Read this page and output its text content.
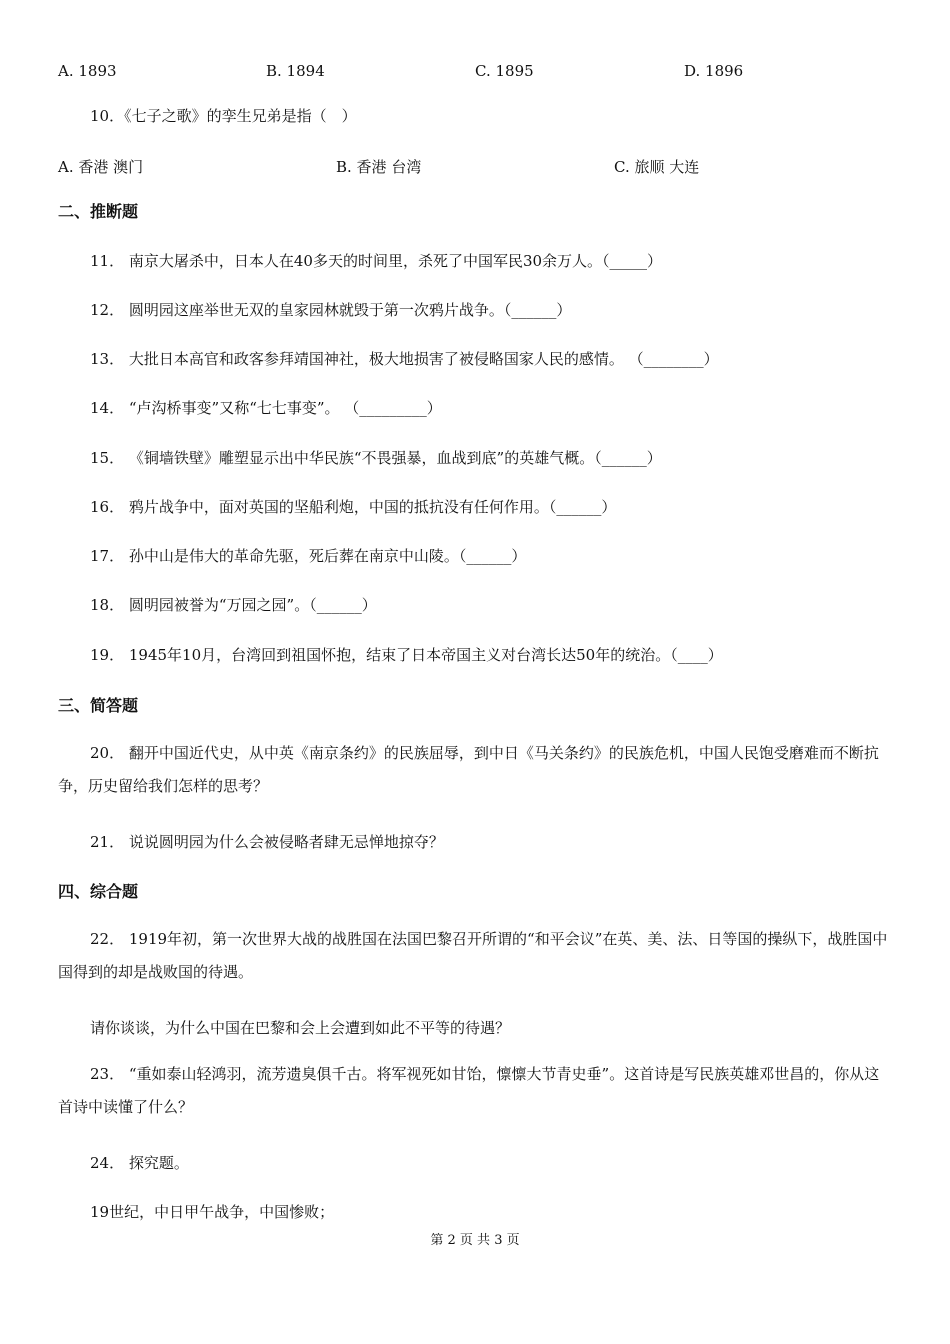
A. 1893	B. 1894	C. 1895	D. 1896
10．《七子之歌》的孪生兄弟是指（　）
A. 香港 澳门	B. 香港 台湾	C. 旅顺 大连
二、推断题
11． 南京大屠杀中，日本人在40多天的时间里，杀死了中国军民30余万人。（_____）
12． 圆明园这座举世无双的皇家园林就毁于第一次鸦片战争。（______）
13． 大批日本高官和政客参拜靖国神社，极大地损害了被侵略国家人民的感情。 （________）
14． “卢沟桥事变”又称“七七事变”。 （_________）
15． 《铜墙铁壁》雕塑显示出中华民族“不畏强暴，血战到底”的英雄气概。（______）
16． 鸦片战争中，面对英国的坚船利炮，中国的抵抗没有任何作用。（______）
17． 孙中山是伟大的革命先驱，死后葬在南京中山陵。（______）
18． 圆明园被誉为“万园之园”。（______）
19． 1945年10月，台湾回到祖国怀抱，结束了日本帝国主义对台湾长达50年的统治。（____）
三、简答题
20． 翻开中国近代史，从中英《南京条约》的民族屈辱，到中日《马关条约》的民族危机，中国人民饱受磨难而不断抗争，历史留给我们怎样的思考？
21． 说说圆明园为什么会被侵略者肆无忌惮地掠夺？
四、综合题
22． 1919年初，第一次世界大战的战胜国在法国巴黎召开所谓的“和平会议”在英、美、法、日等国的操纵下，战胜国中国得到的却是战败国的待遇。
请你谈谈，为什么中国在巴黎和会上会遭到如此不平等的待遇？
23． “重如泰山轻鸿羽，流芳遗臭俱千古。将军视死如甘饴，懔懔大节青史垂”。这首诗是写民族英雄邓世昌的，你从这首诗中读懂了什么？
24． 探究题。
19世纪，中日甲午战争，中国惨败；
第 2 页 共 3 页
